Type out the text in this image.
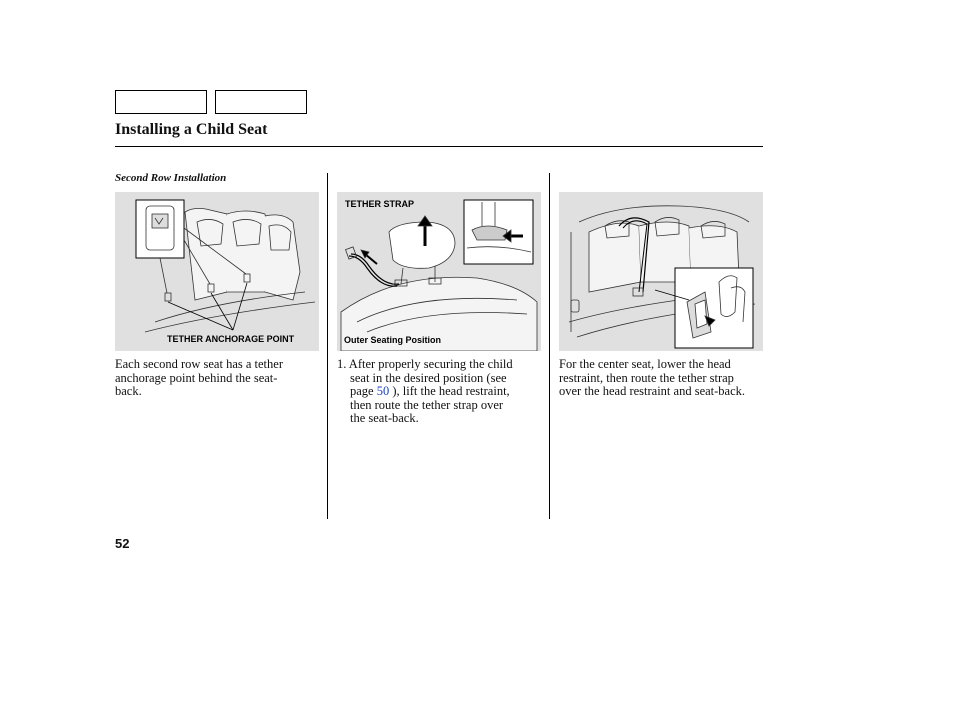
Installing a Child Seat
Second Row Installation
TETHER ANCHORAGE POINT
TETHER STRAP
Outer Seating Position
Each second row seat has a tether
anchorage point behind the seat-
back.
1. After properly securing the child
seat in the desired position (see
page 50 ), lift the head restraint,
then route the tether strap over
the seat-back.
For the center seat, lower the head
restraint, then route the tether strap
over the head restraint and seat-back.
52
